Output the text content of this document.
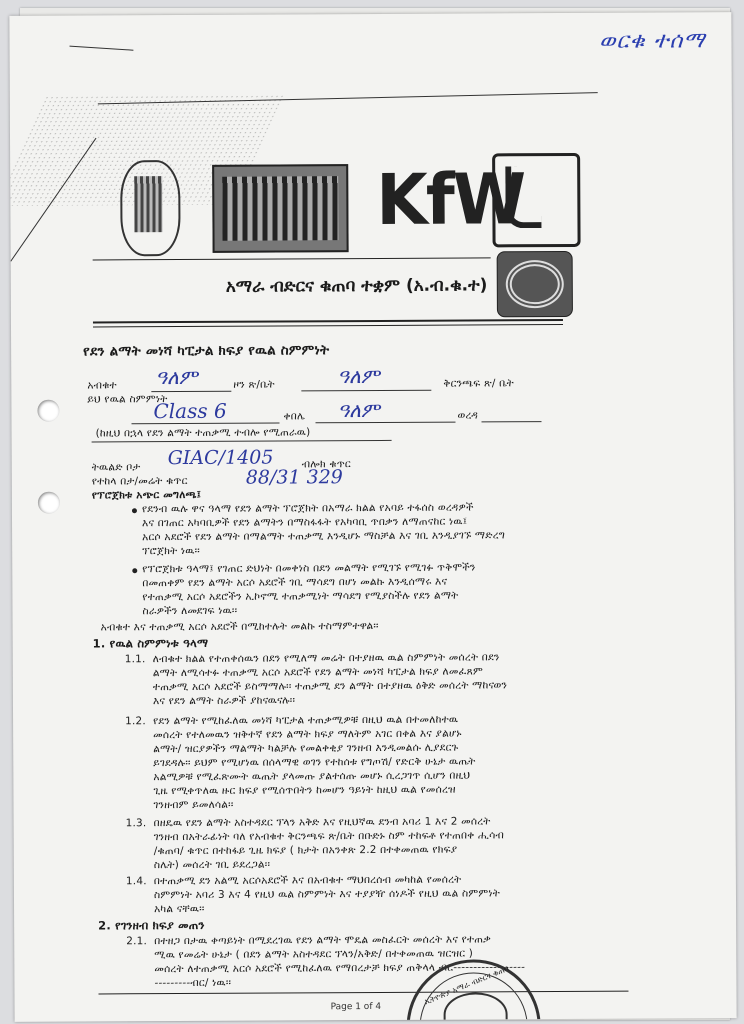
ወርቁ ተሰማ
KfW
አማራ ብድርና ቁጠባ ተቋም (አ.ብ.ቁ.ተ)
የደን ልማት መነሻ ካፒታል ክፍያ የዉል ስምምነት
አብቁተ ዓለም	ዞን ጽ/ቤት	ዓለም	ቅርንጫፍ ጽ/ ቤት
ይህ የዉል ስምምነት
Class 6	ቀበሌ ዓለም	ወረዳ
(ከዚህ በኋላ የደን ልማት ተጠቃሚ ተብሎ የሚጠራዉ)
ትዉልድ ቦታ GIAC/1405	ብሎክ ቁጥር
የተከላ በታ/መሬት ቁጥር	88/31 329
የፕሮጀክቱ አጭር መግለጫ፤
የደንብ ዉሉ ዋና ዓላማ የደን ልማት ፕሮጀክት በአማራ ክልል የአባይ ተፋሰስ ወረዳዎች
እና በገጠር አካባቢዎች የደን ልማትን በማስፋፋት የአካባቢ ጥበቃን ለማጠናከር ነዉ፤
አርሶ አደሮች የደን ልማት በማልማት ተጠቃሚ እንዲሆኑ ማስቻል እና ገቢ እንዲያገኙ ማድረግ
ፕሮጀክት ነዉ፡፡
የፕሮጀክቱ ዓላማ፤ የገጠር ድህነት በመቀነስ በደን መልማት የሚገኙ የሚገፉ ጥቅሞችን
በመጠቀም የደን ልማት አርሶ አደሮች ገቢ ማሳደግ በሆነ መልኩ እንዲሰማሩ እና
የተጠቃሚ አርሶ አደሮችን ኢኮኖሚ ተጠቃሚነት ማሳደግ የሚያስችሉ የደን ልማት
ስራዎችን ለመደገፍ ነዉ፡፡
አብቁተ እና ተጠቃሚ አርሶ አደሮች በሚከተሉት መልኩ ተስማምተዋል፡፡
1. የዉል ስምምነቱ ዓላማ
1.1. ለብቁተ ክልል የተጠቀሰዉን በደን የሚለማ መሬት በተያዘዉ ዉል ስምምነት መሰረት በደን
ልማት ለሚሳተፉ ተጠቃሚ አርሶ አደሮች የደን ልማት መነሻ ካፒታል ክፍያ ለመፈጸም
ተጠቃሚ አርሶ አደሮች ይስማማሉ፡፡ ተጠቃሚ ደን ልማት በተያዘዉ ዕቅድ መሰረት ማከናወን
እና የደን ልማት ስራዎች ያከናዉናሉ፡፡
1.2. የደን ልማት የሚከፈለዉ መነሻ ካፒታል ተጠቃሚዎቹ በዚህ ዉል በተመለከተዉ
መሰረት የተለመዉን ዝቅተኛ የደን ልማት ክፍያ ማለትም አገር በቀል እና ያልሆኑ
ልማት/ ዝርያዎችን ማልማት ካልቻሉ የመልቀቂያ ገንዘብ እንዲመልሱ ሊያደርጉ
ይገደዳሉ፡፡ ይህም የሚሆነዉ በሰላማዊ ወገን የተከሰቱ የግጦሽ/ የድርቅ ሁኔታ ዉጤት
አልሚዎቹ የሚፈጽሙት ዉጤት ያላመጡ ያልተሰጡ መሆኑ ሲረጋገጥ ሲሆን በዚህ
ጊዜ የሚቀጥለዉ ዙር ክፍያ የሚሰጥበትን ከመሆን ዓይነት ከዚህ ዉል የመሰረዝ
ገንዘብም ይመለሳል፡፡
1.3. በዘዴዉ የደን ልማት አስተዳደር ፕላን አቅድ እና የዚህኛዉ ደንብ አባሪ 1 እና 2 መሰረት
ገንዘብ በአትራፊነት ባለ የአብቁተ ቅርንጫፍ ጽ/ቤት በቡድኑ ስም ተከፍቶ የተጠበቀ ሒሳብ
/ቁጠባ/ ቁጥር በተከፋይ ጊዜ ክፍያ ( ክታት በአንቀጽ 2.2 በተቀመጠዉ የክፍያ
ስሌት) መሰረት ገቢ ይደረጋል፡፡
1.4. በተጠቃሚ ደን አልሚ አርሶአደሮች እና በአብቁተ ማህበረሰብ መካከል የመሰረት
ስምምነት አባሪ 3 እና 4 የዚህ ዉል ስምምነት እና ተያያዥ ሰነዶች የዚህ ዉል ስምምነት
አካል ናቸዉ፡፡
2. የገንዘብ ክፍያ መጠን
2.1. በተዘጋ በታዉ ቀጣይነት በሚደረገዉ የደን ልማት ሞዴል መስፈርት መሰረት እና የተጠቃ
ሚዉ የመሬት ሁኔታ ( በደን ልማት አስተዳደር ፕላን/አቅድ/ በተቀመጠዉ ዝርዝር )
መሰረት ለተጠቃሚ አርሶ አደሮች የሚከፈለዉ የማበረታቻ ክፍያ ጠቅላላ ብር------------------
---------ብር/ ነዉ፡፡
Page 1 of 4
ኢትዮጵያ አማራ ብድርና ቁጠባ
